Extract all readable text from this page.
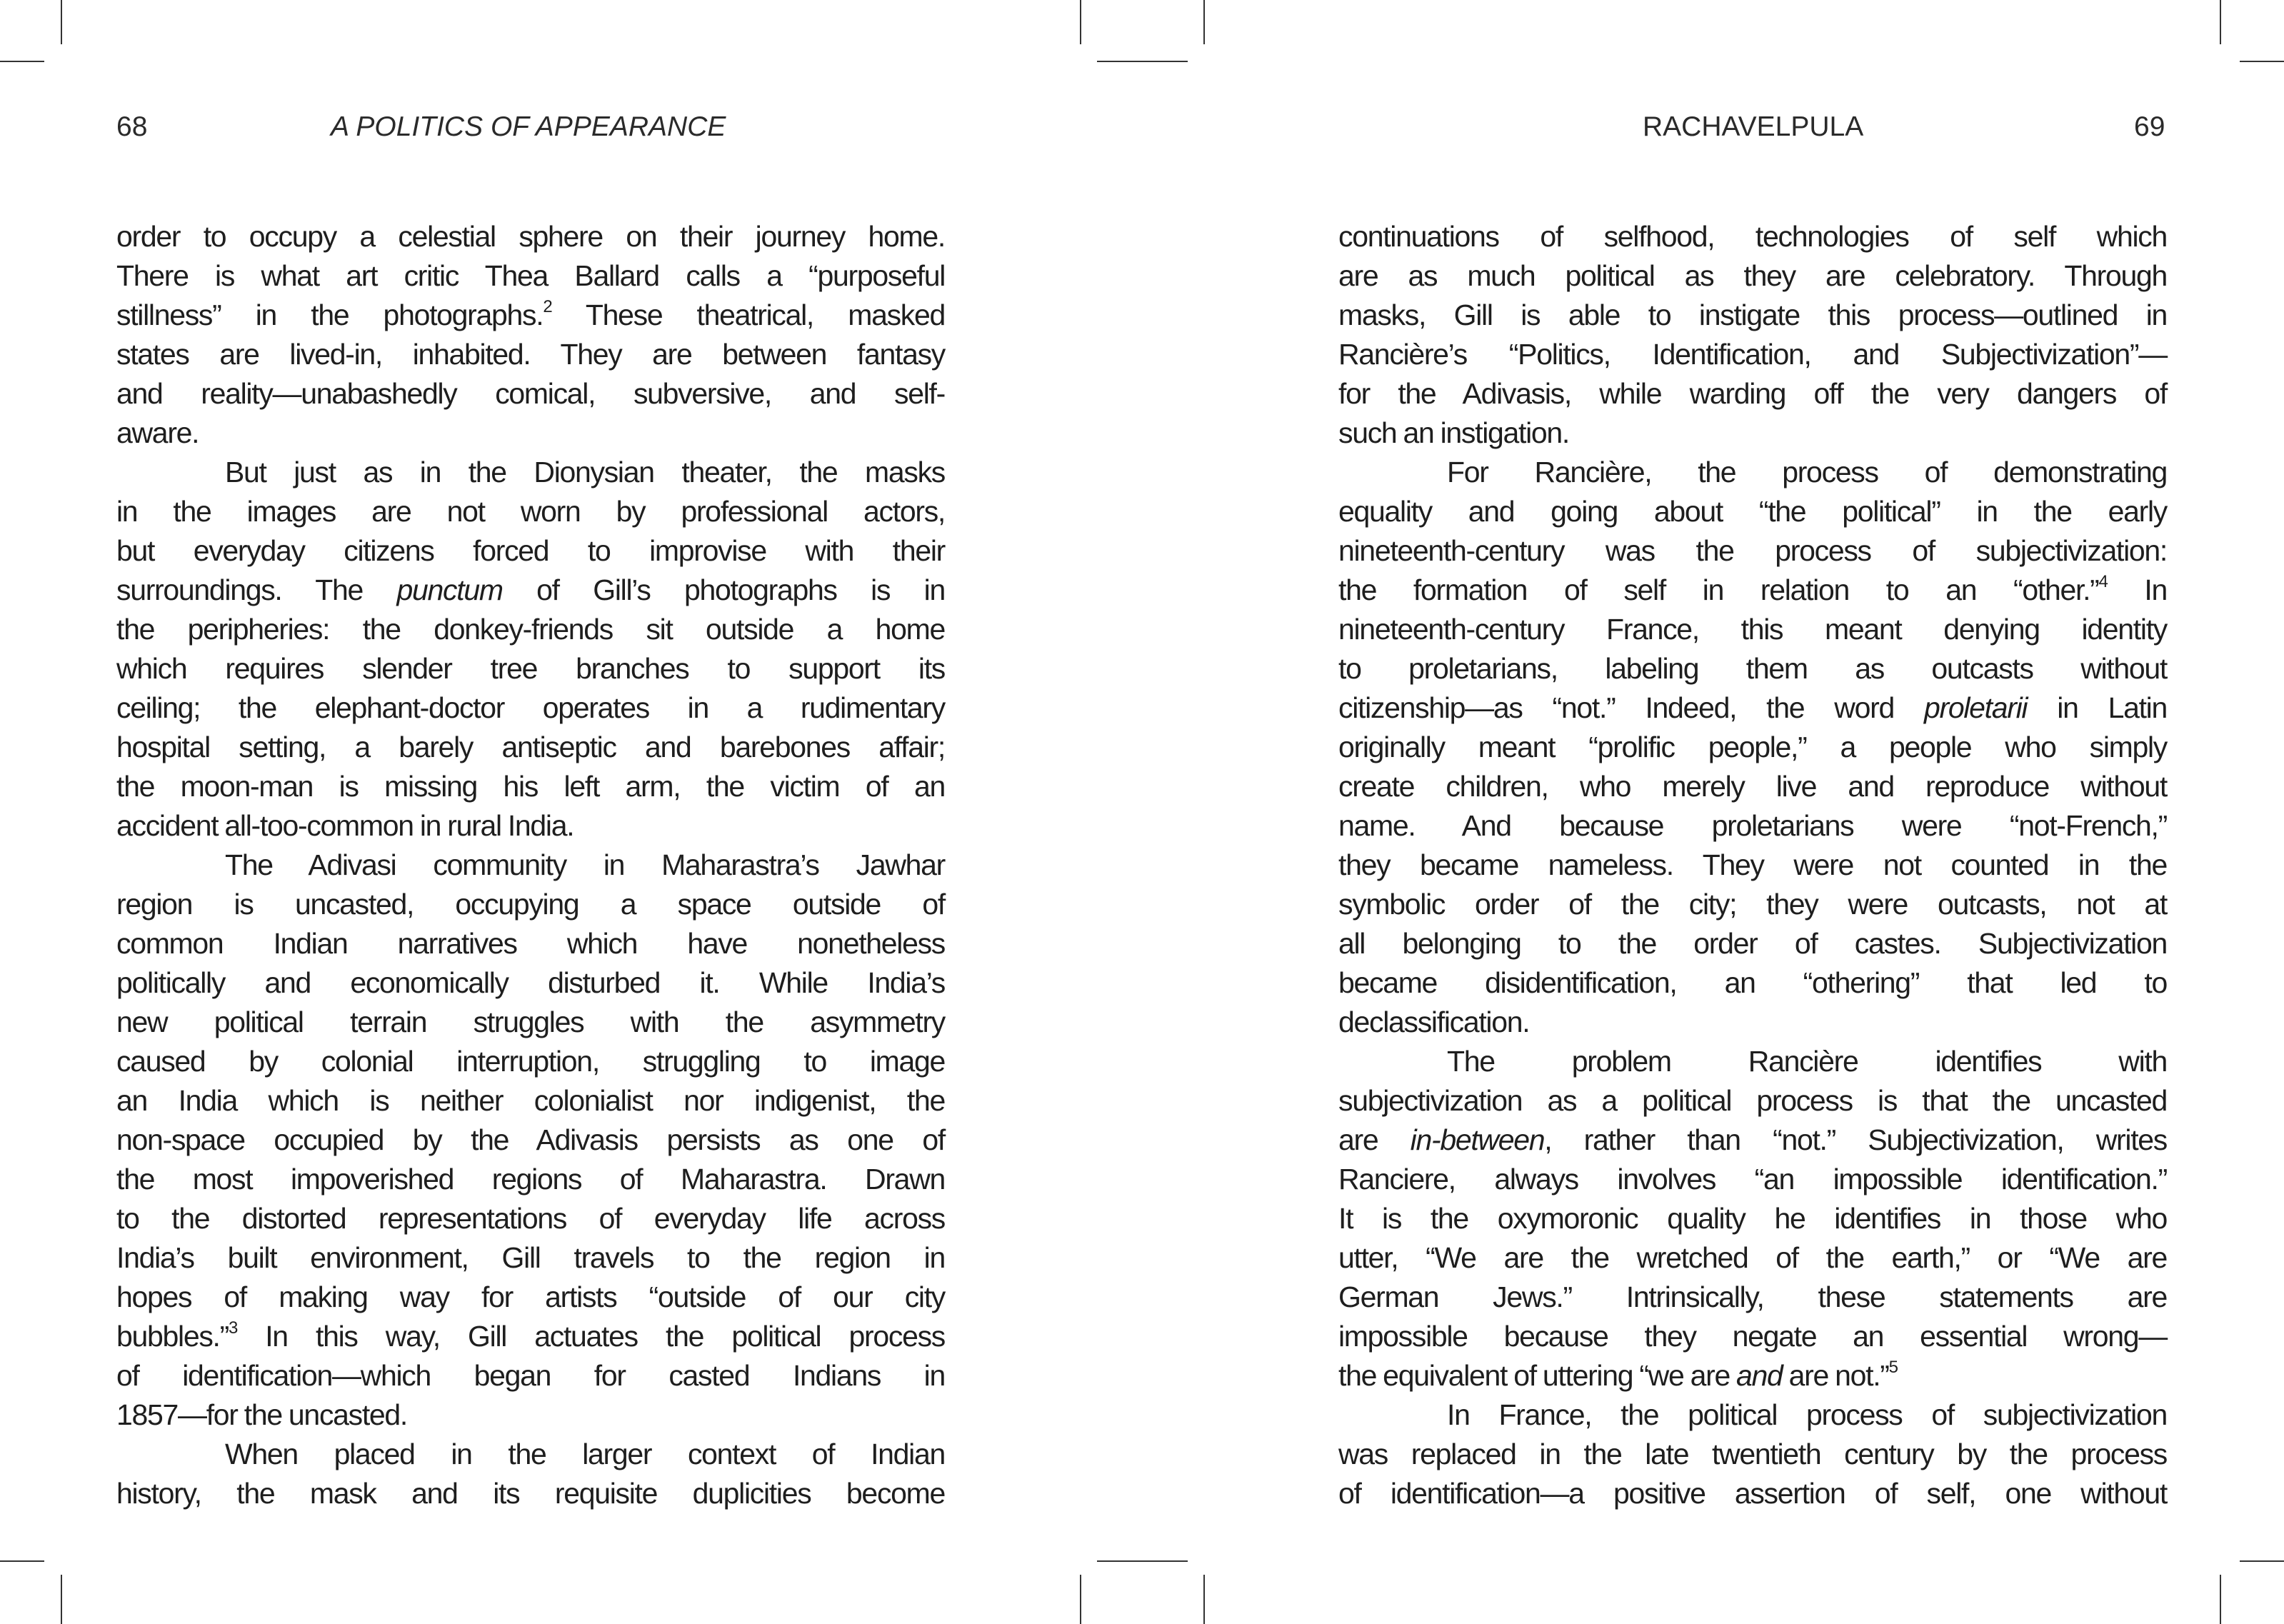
68	A POLITICS OF APPEARANCE
order to occupy a celestial sphere on their journey home.
There is what art critic Thea Ballard calls a “purposeful
stillness” in the photographs.$^2$ These theatrical, masked
states are lived-in, inhabited. They are between fantasy
and reality—unabashedly comical, subversive, and self-
aware.
But just as in the Dionysian theater, the masks
in the images are not worn by professional actors,
but everyday citizens forced to improvise with their
surroundings. The punctum of Gill’s photographs is in
the peripheries: the donkey-friends sit outside a home
which requires slender tree branches to support its
ceiling; the elephant-doctor operates in a rudimentary
hospital setting, a barely antiseptic and barebones affair;
the moon-man is missing his left arm, the victim of an
accident all-too-common in rural India.
The Adivasi community in Maharastra’s Jawhar
region is uncasted, occupying a space outside of
common Indian narratives which have nonetheless
politically and economically disturbed it. While India’s
new political terrain struggles with the asymmetry
caused by colonial interruption, struggling to image
an India which is neither colonialist nor indigenist, the
non-space occupied by the Adivasis persists as one of
the most impoverished regions of Maharastra. Drawn
to the distorted representations of everyday life across
India’s built environment, Gill travels to the region in
hopes of making way for artists “outside of our city
bubbles.”$^3$ In this way, Gill actuates the political process
of identification—which began for casted Indians in
1857—for the uncasted.
When placed in the larger context of Indian
history, the mask and its requisite duplicities become
RACHAVELPULA	69
continuations of selfhood, technologies of self which
are as much political as they are celebratory. Through
masks, Gill is able to instigate this process—outlined in
Rancière’s “Politics, Identification, and Subjectivization”—
for the Adivasis, while warding off the very dangers of
such an instigation.
For Rancière, the process of demonstrating
equality and going about “the political” in the early
nineteenth-century was the process of subjectivization:
the formation of self in relation to an “other.”$^4$ In
nineteenth-century France, this meant denying identity
to proletarians, labeling them as outcasts without
citizenship—as “not.” Indeed, the word proletarii in Latin
originally meant “prolific people,” a people who simply
create children, who merely live and reproduce without
name. And because proletarians were “not-French,”
they became nameless. They were not counted in the
symbolic order of the city; they were outcasts, not at
all belonging to the order of castes. Subjectivization
became disidentification, an “othering” that led to
declassification.
The problem Rancière identifies with
subjectivization as a political process is that the uncasted
are in-between, rather than “not.” Subjectivization, writes
Ranciere, always involves “an impossible identification.”
It is the oxymoronic quality he identifies in those who
utter, “We are the wretched of the earth,” or “We are
German Jews.” Intrinsically, these statements are
impossible because they negate an essential wrong—
the equivalent of uttering “we are and are not.”$^5$
In France, the political process of subjectivization
was replaced in the late twentieth century by the process
of identification—a positive assertion of self, one without
